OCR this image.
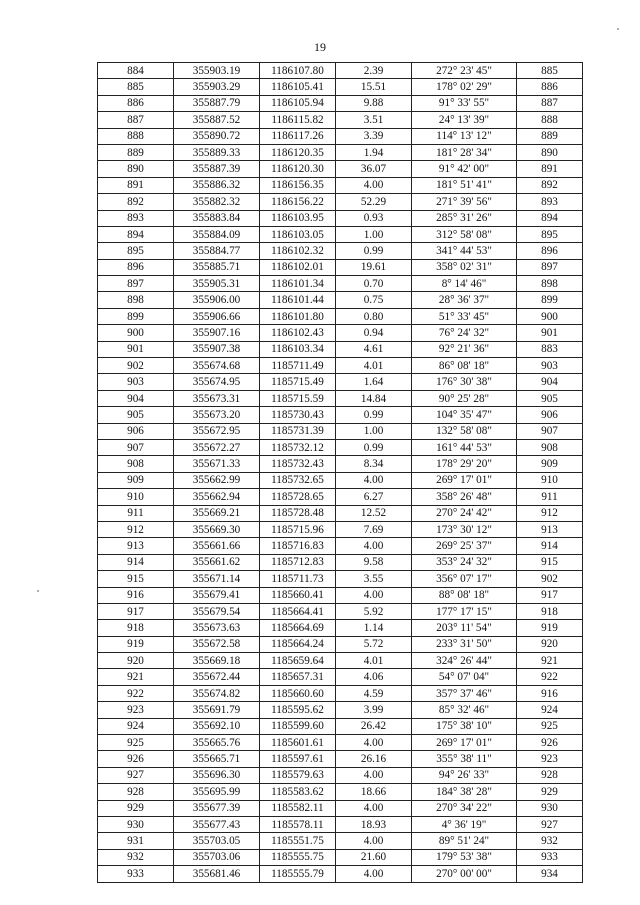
19
884	355903.19	1186107.80	2.39	272° 23' 45"	885
885	355903.29	1186105.41	15.51	178° 02' 29"	886
886	355887.79	1186105.94	9.88	91° 33' 55"	887
887	355887.52	1186115.82	3.51	24° 13' 39"	888
888	355890.72	1186117.26	3.39	114° 13' 12"	889
889	355889.33	1186120.35	1.94	181° 28' 34"	890
890	355887.39	1186120.30	36.07	91° 42' 00"	891
891	355886.32	1186156.35	4.00	181° 51' 41"	892
892	355882.32	1186156.22	52.29	271° 39' 56"	893
893	355883.84	1186103.95	0.93	285° 31' 26"	894
894	355884.09	1186103.05	1.00	312° 58' 08"	895
895	355884.77	1186102.32	0.99	341° 44' 53"	896
896	355885.71	1186102.01	19.61	358° 02' 31"	897
897	355905.31	1186101.34	0.70	8° 14' 46"	898
898	355906.00	1186101.44	0.75	28° 36' 37"	899
899	355906.66	1186101.80	0.80	51° 33' 45"	900
900	355907.16	1186102.43	0.94	76° 24' 32"	901
901	355907.38	1186103.34	4.61	92° 21' 36"	883
902	355674.68	1185711.49	4.01	86° 08' 18"	903
903	355674.95	1185715.49	1.64	176° 30' 38"	904
904	355673.31	1185715.59	14.84	90° 25' 28"	905
905	355673.20	1185730.43	0.99	104° 35' 47"	906
906	355672.95	1185731.39	1.00	132° 58' 08"	907
907	355672.27	1185732.12	0.99	161° 44' 53"	908
908	355671.33	1185732.43	8.34	178° 29' 20"	909
909	355662.99	1185732.65	4.00	269° 17' 01"	910
910	355662.94	1185728.65	6.27	358° 26' 48"	911
911	355669.21	1185728.48	12.52	270° 24' 42"	912
912	355669.30	1185715.96	7.69	173° 30' 12"	913
913	355661.66	1185716.83	4.00	269° 25' 37"	914
914	355661.62	1185712.83	9.58	353° 24' 32"	915
915	355671.14	1185711.73	3.55	356° 07' 17"	902
916	355679.41	1185660.41	4.00	88° 08' 18"	917
917	355679.54	1185664.41	5.92	177° 17' 15"	918
918	355673.63	1185664.69	1.14	203° 11' 54"	919
919	355672.58	1185664.24	5.72	233° 31' 50"	920
920	355669.18	1185659.64	4.01	324° 26' 44"	921
921	355672.44	1185657.31	4.06	54° 07' 04"	922
922	355674.82	1185660.60	4.59	357° 37' 46"	916
923	355691.79	1185595.62	3.99	85° 32' 46"	924
924	355692.10	1185599.60	26.42	175° 38' 10"	925
925	355665.76	1185601.61	4.00	269° 17' 01"	926
926	355665.71	1185597.61	26.16	355° 38' 11"	923
927	355696.30	1185579.63	4.00	94° 26' 33"	928
928	355695.99	1185583.62	18.66	184° 38' 28"	929
929	355677.39	1185582.11	4.00	270° 34' 22"	930
930	355677.43	1185578.11	18.93	4° 36' 19"	927
931	355703.05	1185551.75	4.00	89° 51' 24"	932
932	355703.06	1185555.75	21.60	179° 53' 38"	933
933	355681.46	1185555.79	4.00	270° 00' 00"	934
